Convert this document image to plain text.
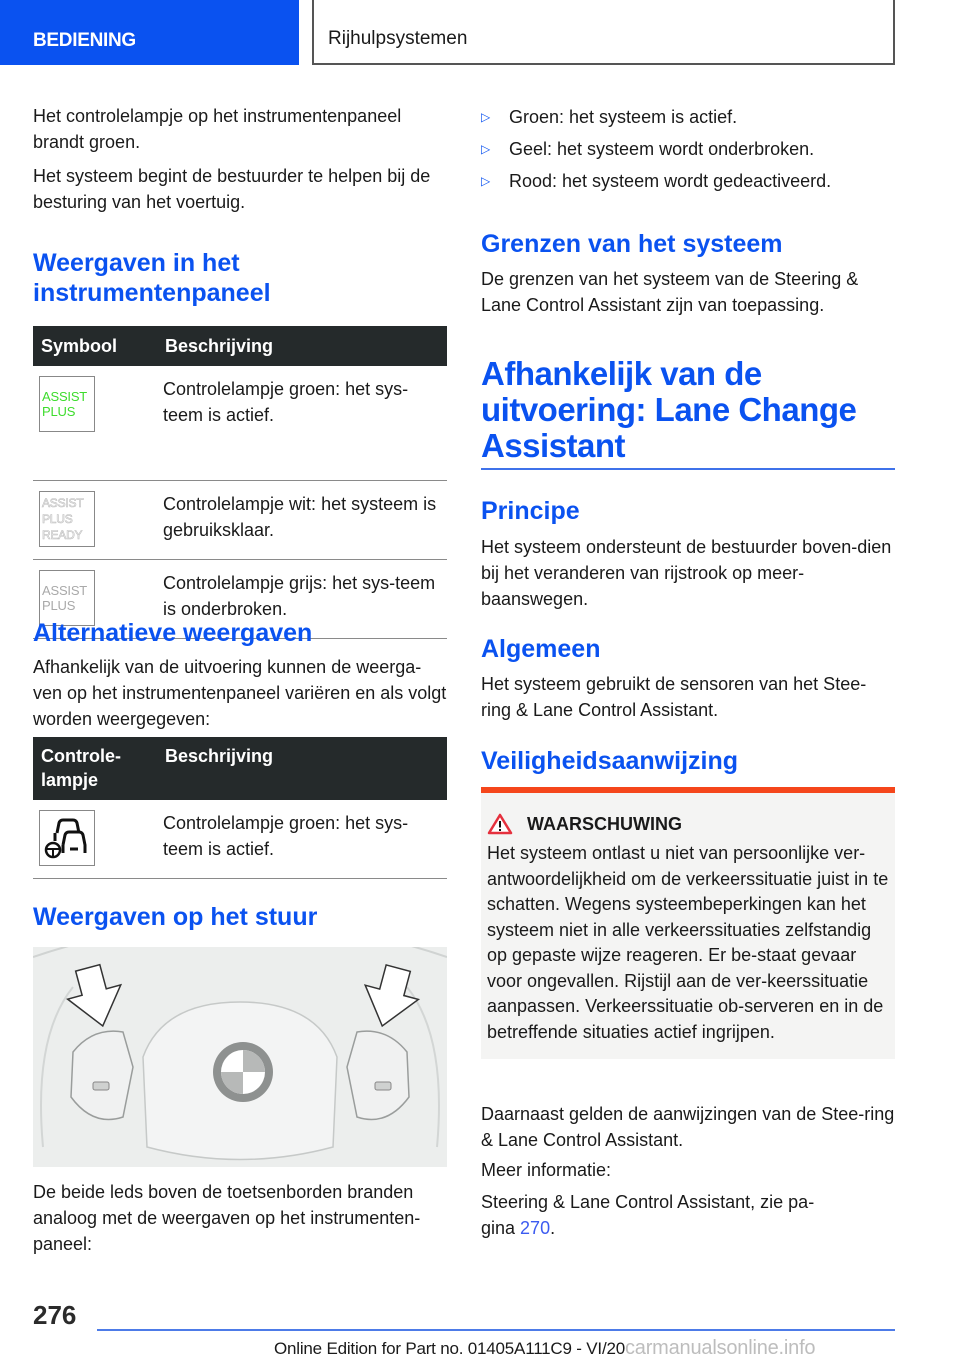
BEDIENING	Rijhulpsystemen

Het controlelampje op het instrumentenpaneel brandt groen.

Het systeem begint de bestuurder te helpen bij de besturing van het voertuig.

Weergaven in het
instrumentenpaneel
Symbool	Beschrijving

ASSIST
PLUS	Controlelampje groen: het sys-teem is actief.

ASSIST
PLUS
READY	Controlelampje wit: het systeem is gebruiksklaar.

ASSIST
PLUS	Controlelampje grijs: het sys-teem is onderbroken.
Alternatieve weergaven

Afhankelijk van de uitvoering kunnen de weerga-ven op het instrumentenpaneel variëren en als volgt worden weergegeven:

Controle-lampje	Beschrijving

	Controlelampje groen: het sys-teem is actief.
Weergaven op het stuur

De beide leds boven de toetsenborden branden analoog met de weergaven op het instrumenten-paneel:

▷	Groen: het systeem is actief.
▷	Geel: het systeem wordt onderbroken.
▷	Rood: het systeem wordt gedeactiveerd.
Grenzen van het systeem

De grenzen van het systeem van de Steering & Lane Control Assistant zijn van toepassing.

Afhankelijk van de
uitvoering: Lane Change
Assistant
Principe

Het systeem ondersteunt de bestuurder boven-dien bij het veranderen van rijstrook op meer-baanswegen.

Algemeen

Het systeem gebruikt de sensoren van het Stee-ring & Lane Control Assistant.

Veiligheidsaanwijzing
WAARSCHUWING

Het systeem ontlast u niet van persoonlijke ver-antwoordelijkheid om de verkeerssituatie juist in te schatten. Wegens systeembeperkingen kan het systeem niet in alle verkeerssituaties zelfstandig op gepaste wijze reageren. Er be-staat gevaar voor ongevallen. Rijstijl aan de ver-keerssituatie aanpassen. Verkeerssituatie ob-serveren en in de betreffende situaties actief ingrijpen.

Daarnaast gelden de aanwijzingen van de Stee-ring & Lane Control Assistant.

Meer informatie:

Steering & Lane Control Assistant, zie pa-gina 270.

276
Online Edition for Part no. 01405A111C9 - VI/20carmanualsonline.info
